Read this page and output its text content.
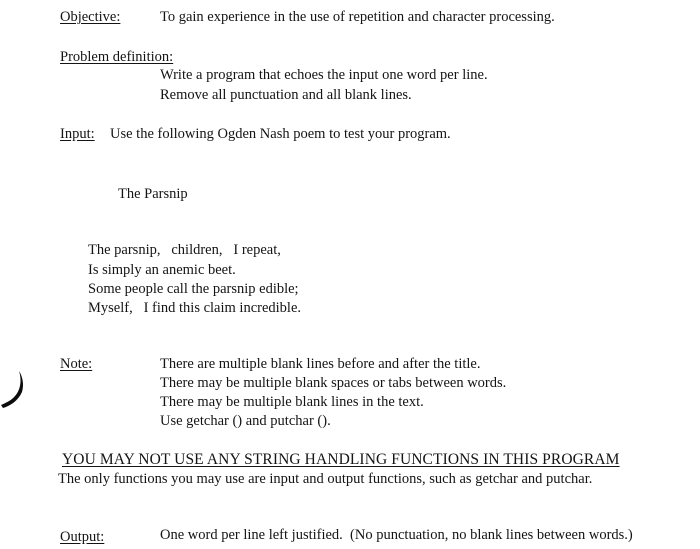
Objective:	To gain experience in the use of repetition and character processing.
Problem definition:
Write a program that echoes the input one word per line.
Remove all punctuation and all blank lines.
Input: Use the following Ogden Nash poem to test your program.
The Parsnip
The parsnip,   children,   I repeat,
Is simply an anemic beet.
Some people call the parsnip edible;
Myself,   I find this claim incredible.
Note:	There are multiple blank lines before and after the title.
There may be multiple blank spaces or tabs between words.
There may be multiple blank lines in the text.
Use getchar () and putchar ().
YOU MAY NOT USE ANY STRING HANDLING FUNCTIONS IN THIS PROGRAM
The only functions you may use are input and output functions, such as getchar and putchar.
Output:	One word per line left justified.  (No punctuation, no blank lines between words.)
